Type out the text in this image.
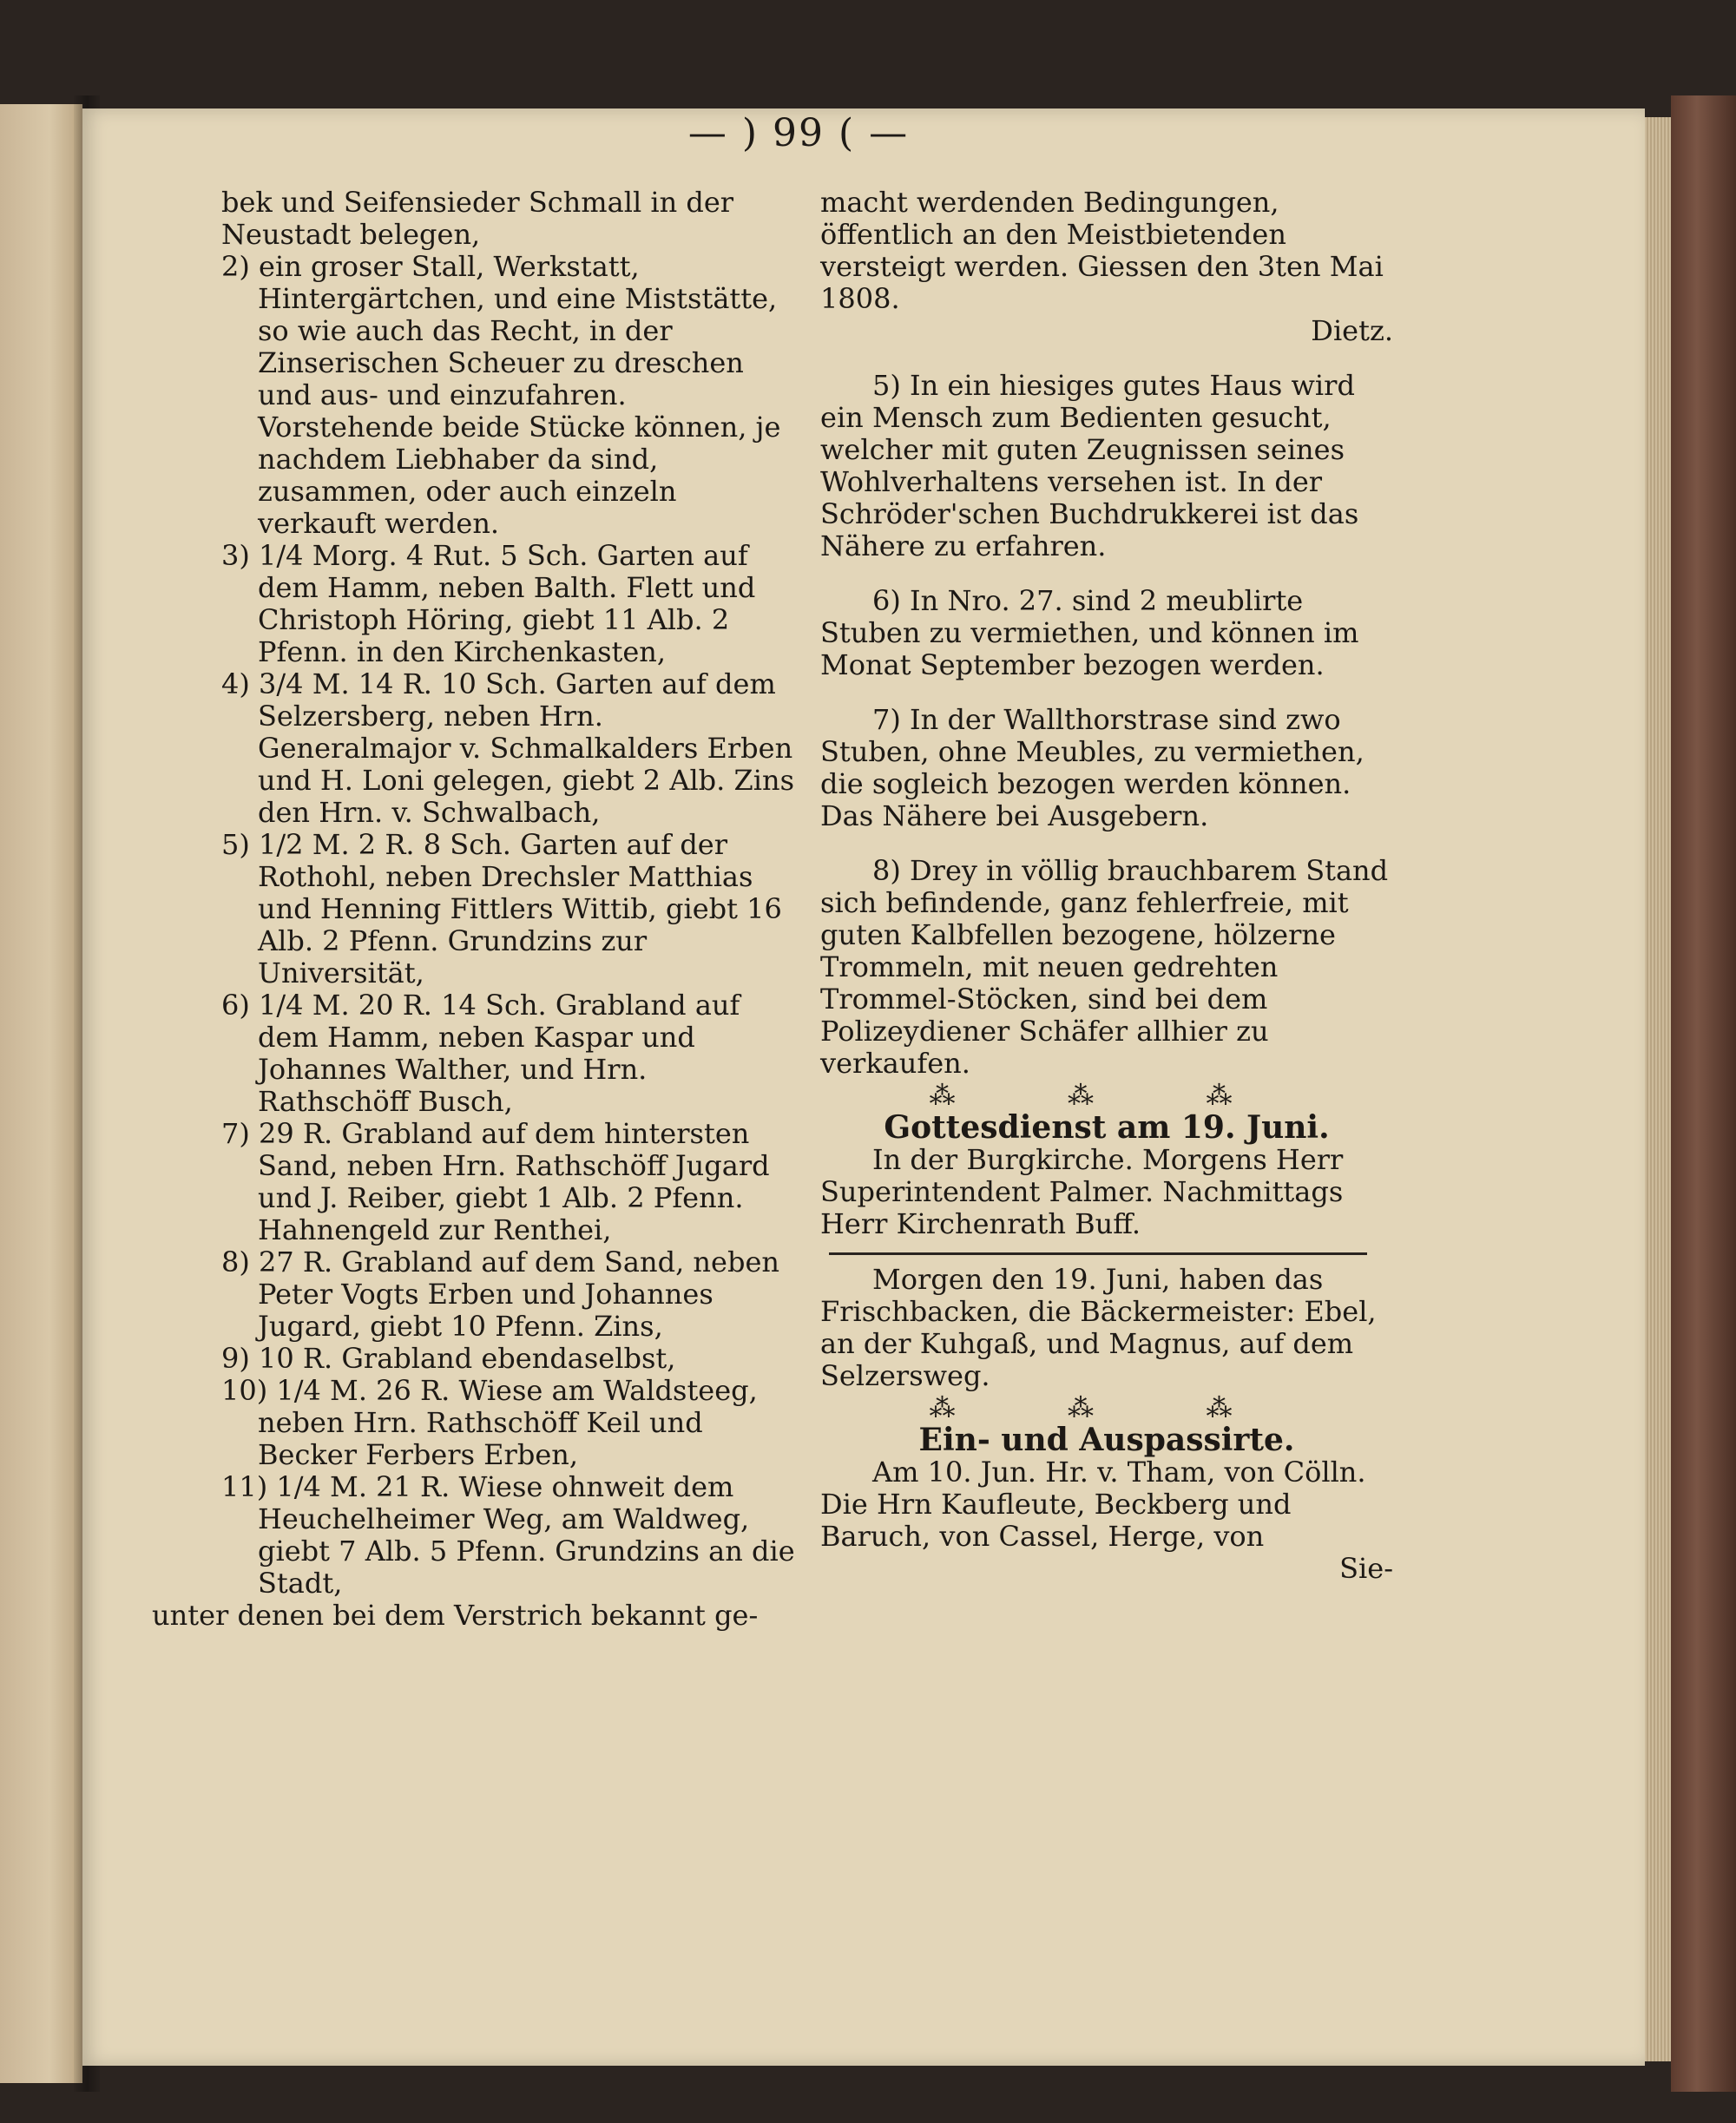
— ) 99 ( —

bek und Seifensieder Schmall in der Neustadt belegen,

2) ein groser Stall, Werkstatt, Hintergärtchen, und eine Miststätte, so wie auch das Recht, in der Zinserischen Scheuer zu dreschen und aus- und einzufahren.

Vorstehende beide Stücke können, je nachdem Liebhaber da sind, zusammen, oder auch einzeln verkauft werden.

3) 1/4 Morg. 4 Rut. 5 Sch. Garten auf dem Hamm, neben Balth. Flett und Christoph Höring, giebt 11 Alb. 2 Pfenn. in den Kirchenkasten,

4) 3/4 M. 14 R. 10 Sch. Garten auf dem Selzersberg, neben Hrn. Generalmajor v. Schmalkalders Erben und H. Loni gelegen, giebt 2 Alb. Zins den Hrn. v. Schwalbach,

5) 1/2 M. 2 R. 8 Sch. Garten auf der Rothohl, neben Drechsler Matthias und Henning Fittlers Wittib, giebt 16 Alb. 2 Pfenn. Grundzins zur Universität,

6) 1/4 M. 20 R. 14 Sch. Grabland auf dem Hamm, neben Kaspar und Johannes Walther, und Hrn. Rathschöff Busch,

7) 29 R. Grabland auf dem hintersten Sand, neben Hrn. Rathschöff Jugard und J. Reiber, giebt 1 Alb. 2 Pfenn. Hahnengeld zur Renthei,

8) 27 R. Grabland auf dem Sand, neben Peter Vogts Erben und Johannes Jugard, giebt 10 Pfenn. Zins,

9) 10 R. Grabland ebendaselbst,

10) 1/4 M. 26 R. Wiese am Waldsteeg, neben Hrn. Rathschöff Keil und Becker Ferbers Erben,

11) 1/4 M. 21 R. Wiese ohnweit dem Heuchelheimer Weg, am Waldweg, giebt 7 Alb. 5 Pfenn. Grundzins an die Stadt,

unter denen bei dem Verstrich bekannt ge-

macht werdenden Bedingungen, öffentlich an den Meistbietenden versteigt werden. Giessen den 3ten Mai 1808.

Dietz.

5) In ein hiesiges gutes Haus wird ein Mensch zum Bedienten gesucht, welcher mit guten Zeugnissen seines Wohlverhaltens versehen ist. In der Schröder'schen Buchdrukkerei ist das Nähere zu erfahren.

6) In Nro. 27. sind 2 meublirte Stuben zu vermiethen, und können im Monat September bezogen werden.

7) In der Wallthorstrase sind zwo Stuben, ohne Meubles, zu vermiethen, die sogleich bezogen werden können. Das Nähere bei Ausgebern.

8) Drey in völlig brauchbarem Stand sich befindende, ganz fehlerfreie, mit guten Kalbfellen bezogene, hölzerne Trommeln, mit neuen gedrehten Trommel-Stöcken, sind bei dem Polizeydiener Schäfer allhier zu verkaufen.

⁂ ⁂ ⁂

Gottesdienst am 19. Juni.

In der Burgkirche. Morgens Herr Superintendent Palmer. Nachmittags Herr Kirchenrath Buff.

Morgen den 19. Juni, haben das Frischbacken, die Bäckermeister: Ebel, an der Kuhgaß, und Magnus, auf dem Selzersweg.

⁂ ⁂ ⁂

Ein- und Auspassirte.

Am 10. Jun. Hr. v. Tham, von Cölln. Die Hrn Kaufleute, Beckberg und Baruch, von Cassel, Herge, von

Sie-
